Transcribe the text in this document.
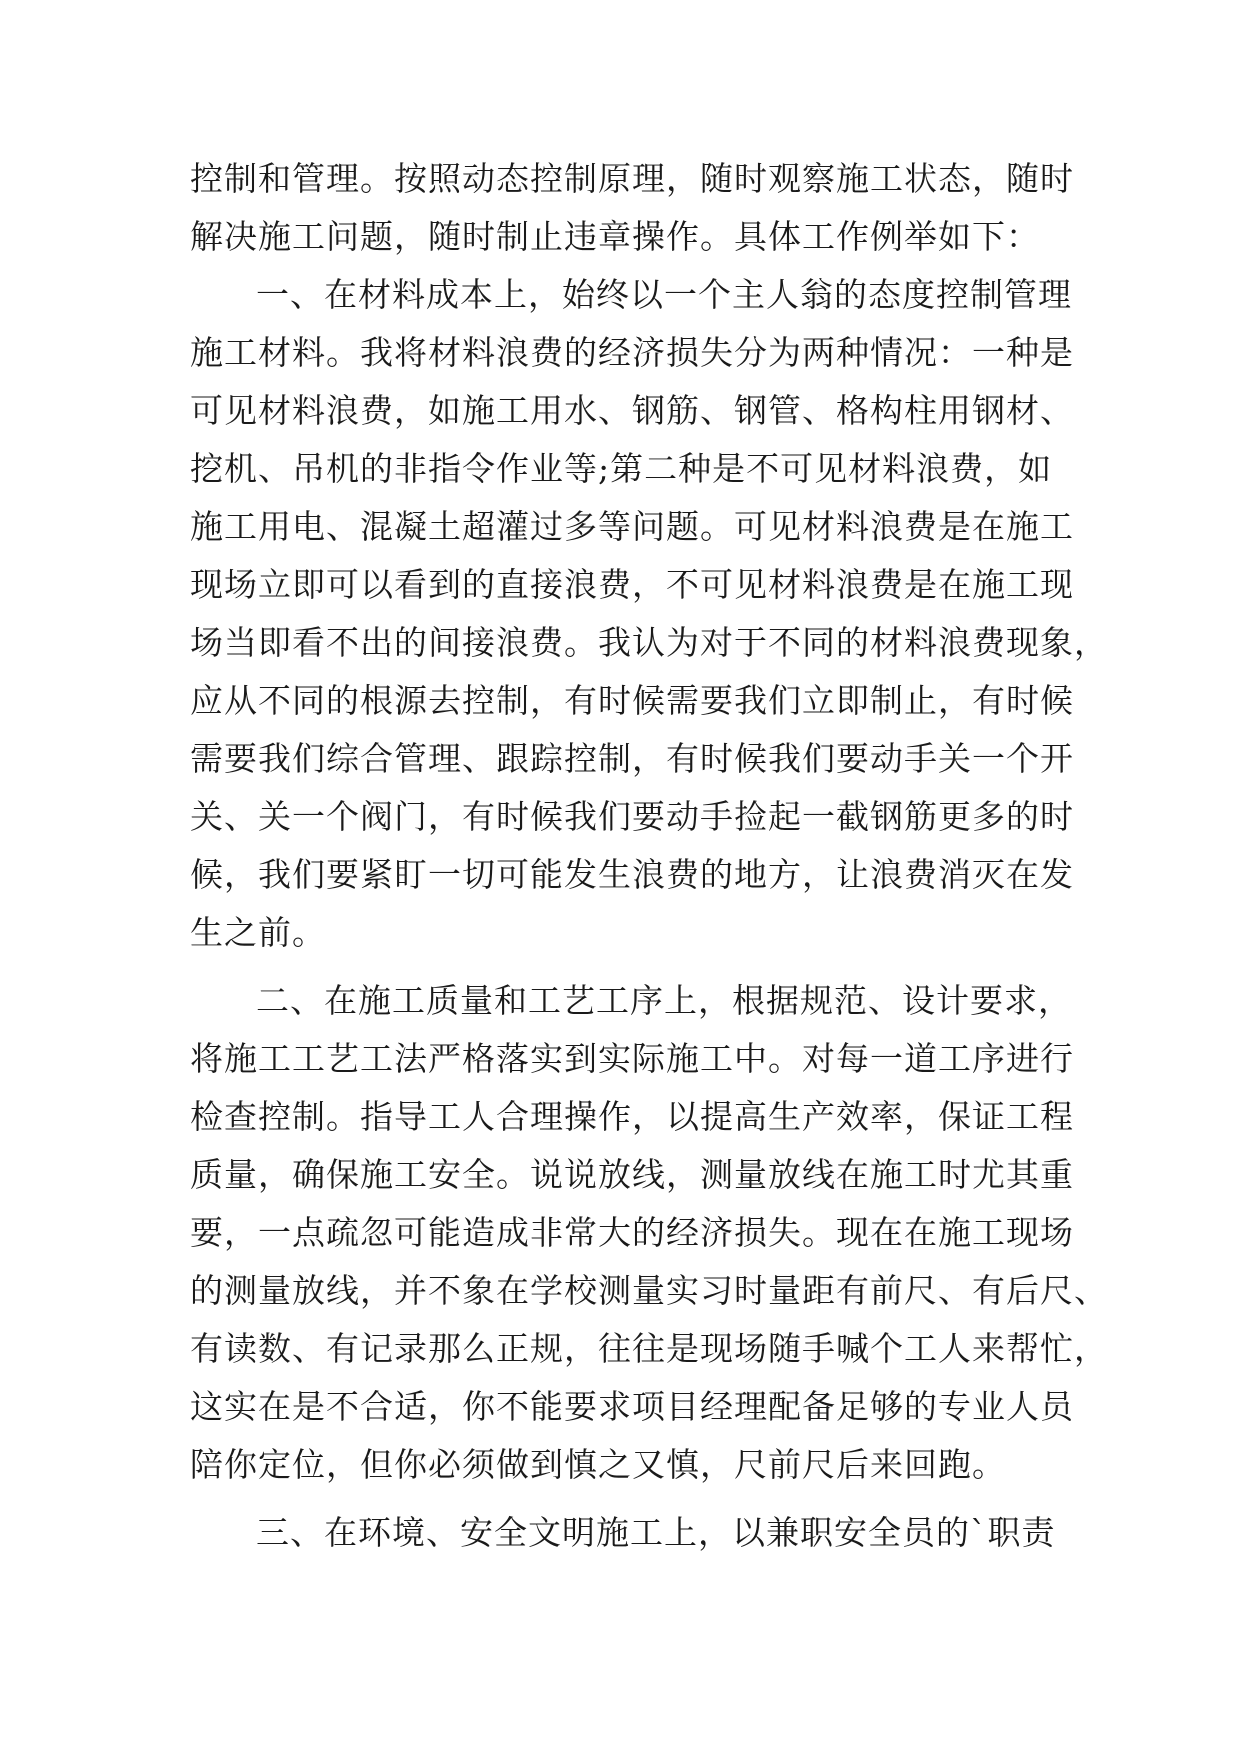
控制和管理。按照动态控制原理，随时观察施工状态，随时
解决施工问题，随时制止违章操作。具体工作例举如下：
一、在材料成本上，始终以一个主人翁的态度控制管理
施工材料。我将材料浪费的经济损失分为两种情况：一种是
可见材料浪费，如施工用水、钢筋、钢管、格构柱用钢材、
挖机、吊机的非指令作业等;第二种是不可见材料浪费，如
施工用电、混凝土超灌过多等问题。可见材料浪费是在施工
现场立即可以看到的直接浪费，不可见材料浪费是在施工现
场当即看不出的间接浪费。我认为对于不同的材料浪费现象，
应从不同的根源去控制，有时候需要我们立即制止，有时候
需要我们综合管理、跟踪控制，有时候我们要动手关一个开
关、关一个阀门，有时候我们要动手捡起一截钢筋更多的时
候，我们要紧盯一切可能发生浪费的地方，让浪费消灭在发
生之前。
二、在施工质量和工艺工序上，根据规范、设计要求，
将施工工艺工法严格落实到实际施工中。对每一道工序进行
检查控制。指导工人合理操作，以提高生产效率，保证工程
质量，确保施工安全。说说放线，测量放线在施工时尤其重
要，一点疏忽可能造成非常大的经济损失。现在在施工现场
的测量放线，并不象在学校测量实习时量距有前尺、有后尺、
有读数、有记录那么正规，往往是现场随手喊个工人来帮忙，
这实在是不合适，你不能要求项目经理配备足够的专业人员
陪你定位，但你必须做到慎之又慎，尺前尺后来回跑。
三、在环境、安全文明施工上，以兼职安全员的`职责
